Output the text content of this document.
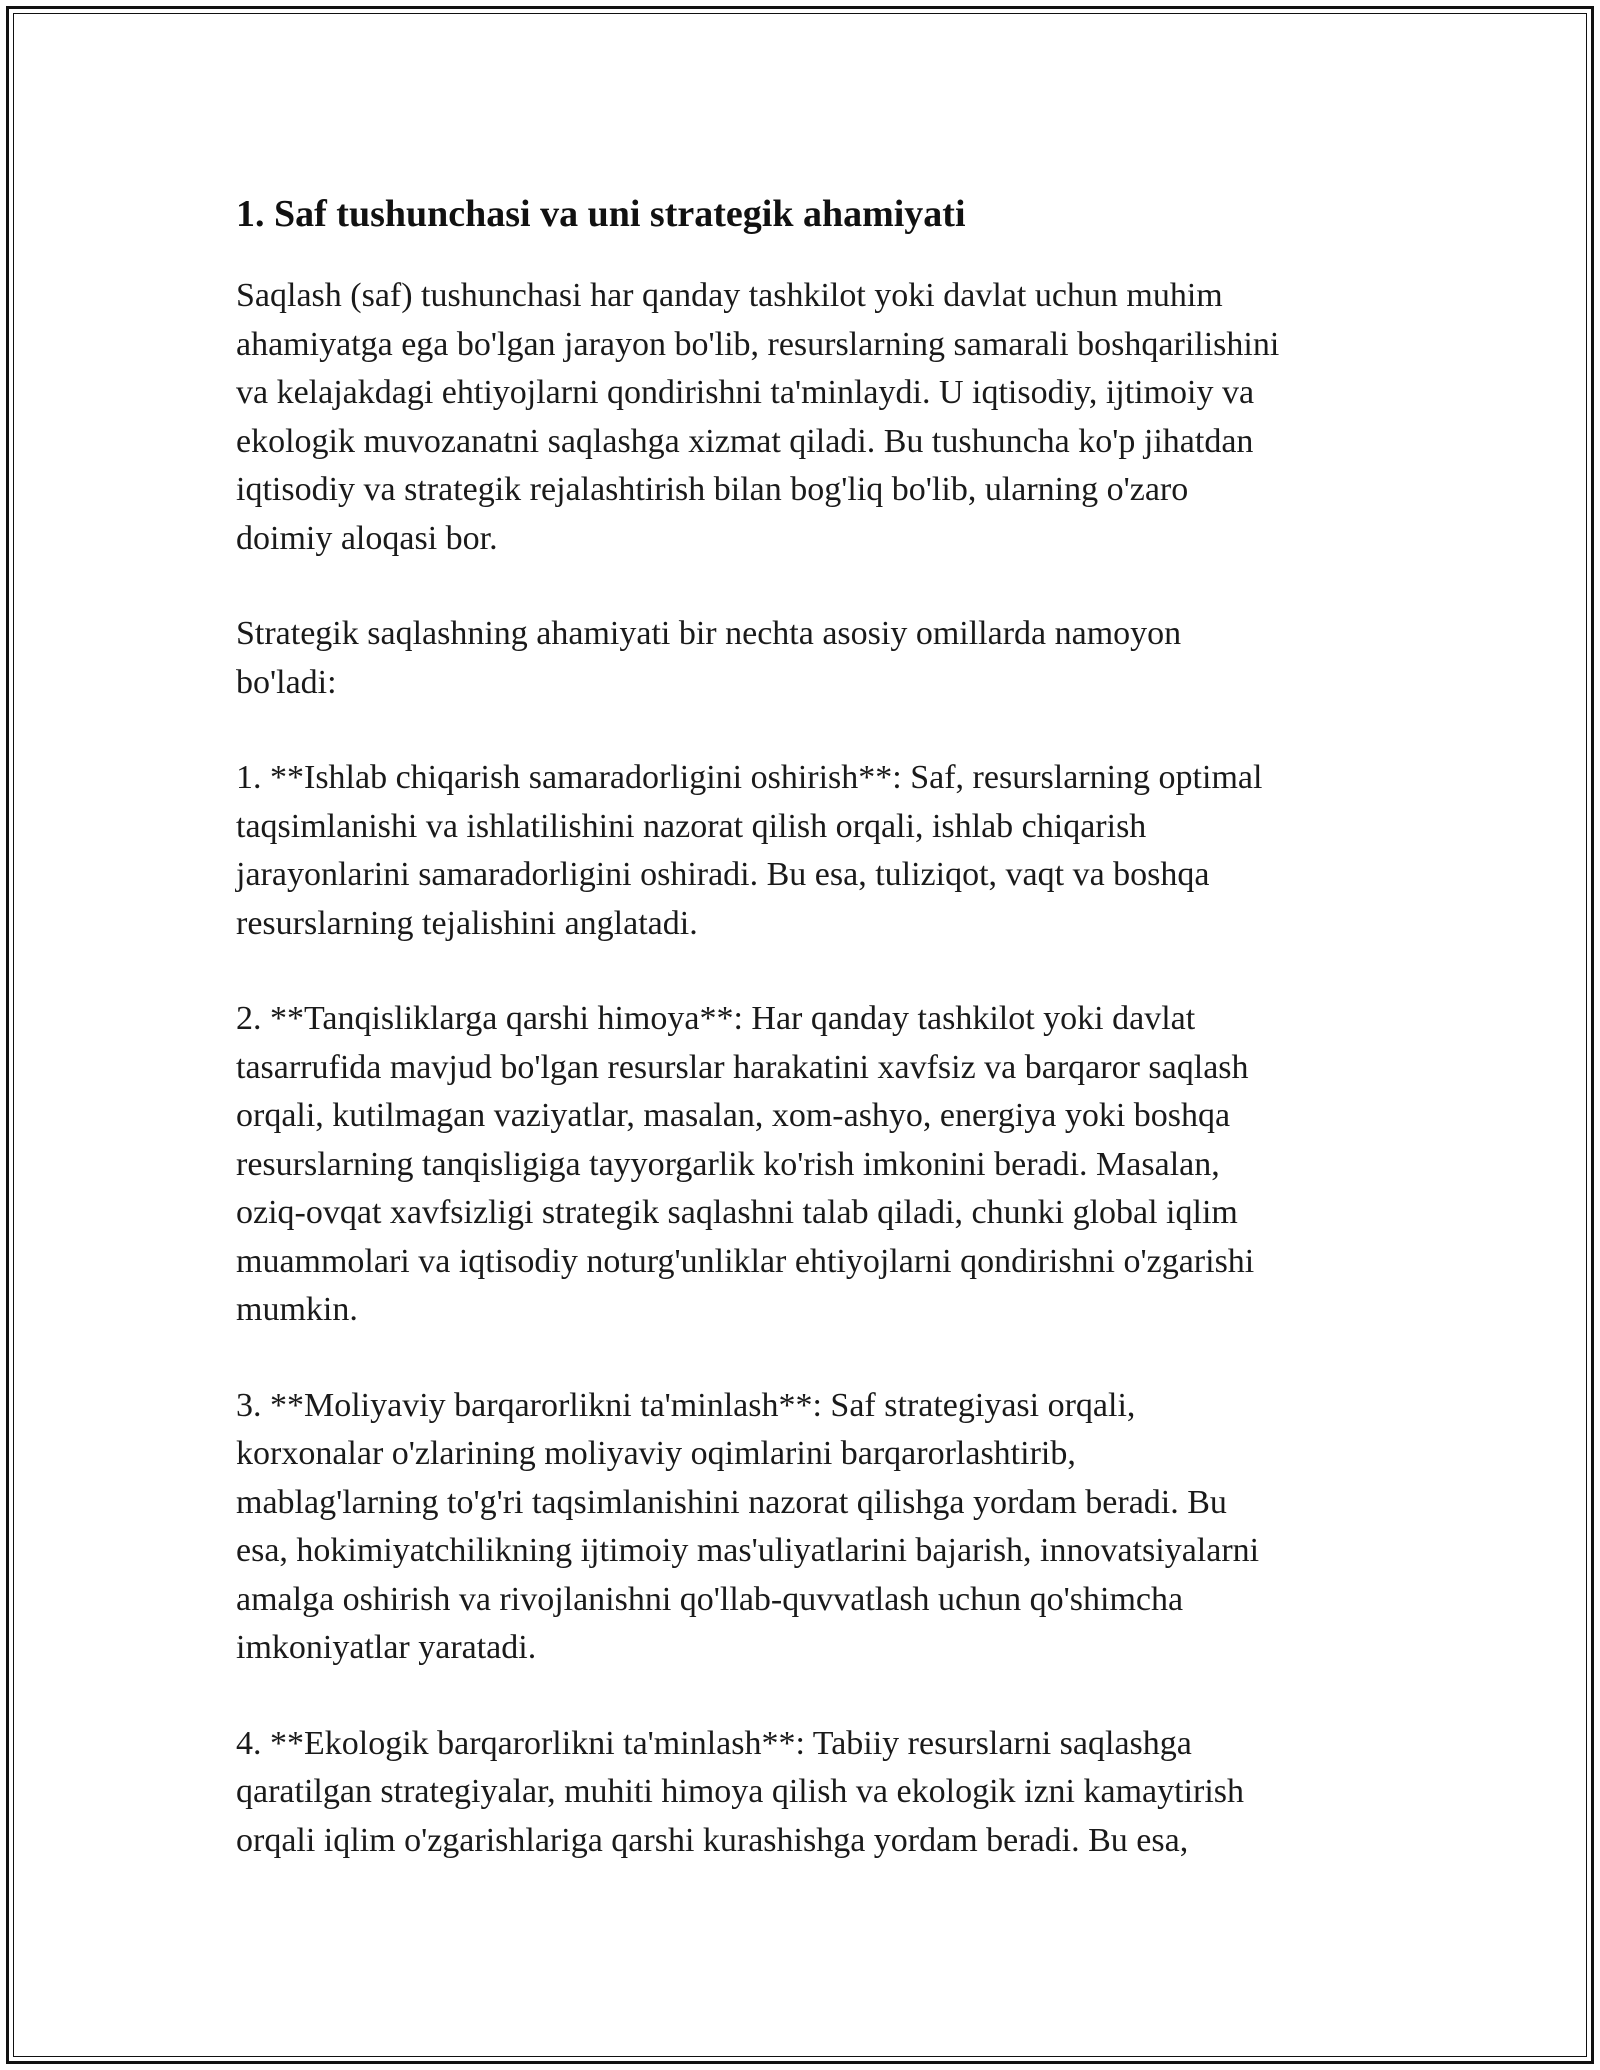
1. Saf tushunchasi va uni strategik ahamiyati

Saqlash (saf) tushunchasi har qanday tashkilot yoki davlat uchun muhim
ahamiyatga ega bo'lgan jarayon bo'lib, resurslarning samarali boshqarilishini
va kelajakdagi ehtiyojlarni qondirishni ta'minlaydi. U iqtisodiy, ijtimoiy va
ekologik muvozanatni saqlashga xizmat qiladi. Bu tushuncha ko'p jihatdan
iqtisodiy va strategik rejalashtirish bilan bog'liq bo'lib, ularning o'zaro
doimiy aloqasi bor.

Strategik saqlashning ahamiyati bir nechta asosiy omillarda namoyon
bo'ladi:

1. **Ishlab chiqarish samaradorligini oshirish**: Saf, resurslarning optimal
taqsimlanishi va ishlatilishini nazorat qilish orqali, ishlab chiqarish
jarayonlarini samaradorligini oshiradi. Bu esa, tuliziqot, vaqt va boshqa
resurslarning tejalishini anglatadi.

2. **Tanqisliklarga qarshi himoya**: Har qanday tashkilot yoki davlat
tasarrufida mavjud bo'lgan resurslar harakatini xavfsiz va barqaror saqlash
orqali, kutilmagan vaziyatlar, masalan, xom-ashyo, energiya yoki boshqa
resurslarning tanqisligiga tayyorgarlik ko'rish imkonini beradi. Masalan,
oziq-ovqat xavfsizligi strategik saqlashni talab qiladi, chunki global iqlim
muammolari va iqtisodiy noturg'unliklar ehtiyojlarni qondirishni o'zgarishi
mumkin.

3. **Moliyaviy barqarorlikni ta'minlash**: Saf strategiyasi orqali,
korxonalar o'zlarining moliyaviy oqimlarini barqarorlashtirib,
mablag'larning to'g'ri taqsimlanishini nazorat qilishga yordam beradi. Bu
esa, hokimiyatchilikning ijtimoiy mas'uliyatlarini bajarish, innovatsiyalarni
amalga oshirish va rivojlanishni qo'llab-quvvatlash uchun qo'shimcha
imkoniyatlar yaratadi.

4. **Ekologik barqarorlikni ta'minlash**: Tabiiy resurslarni saqlashga
qaratilgan strategiyalar, muhiti himoya qilish va ekologik izni kamaytirish
orqali iqlim o'zgarishlariga qarshi kurashishga yordam beradi. Bu esa,
